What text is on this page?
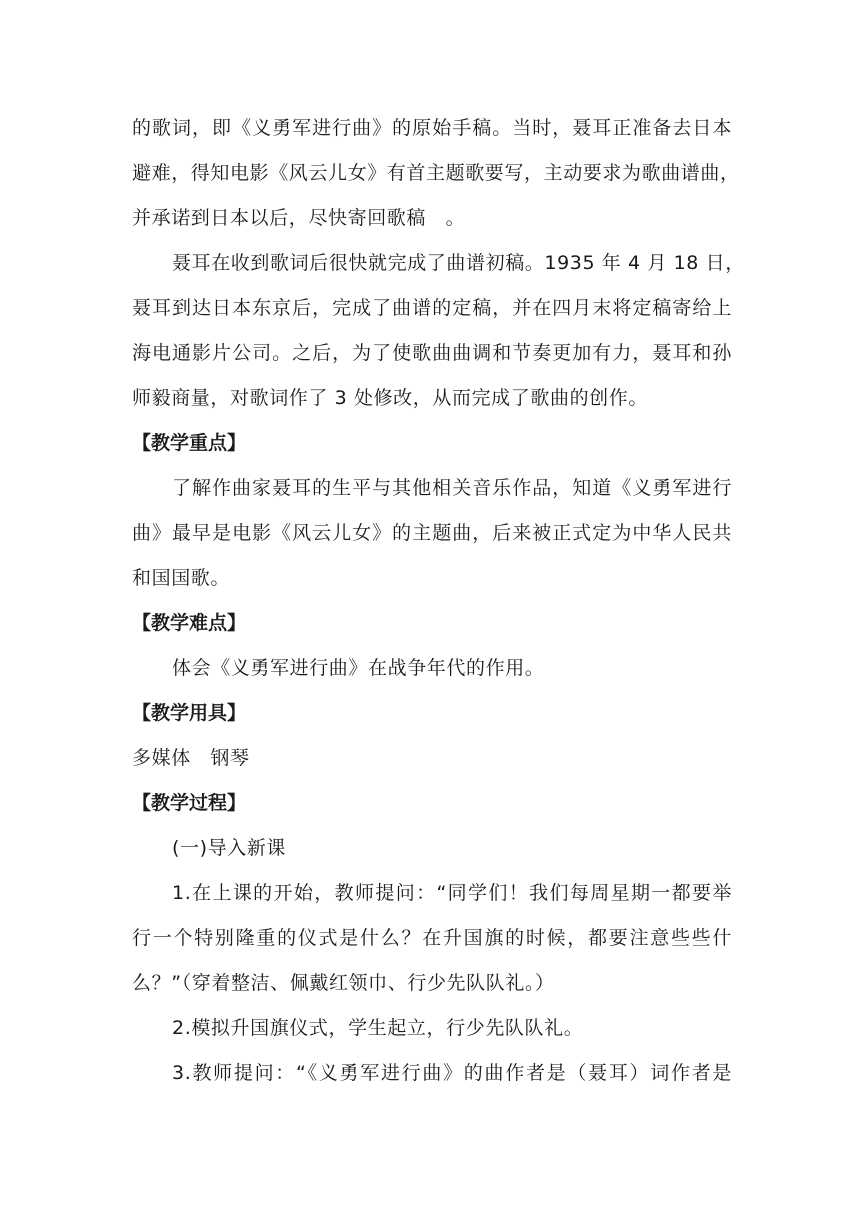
的歌词，即《义勇军进行曲》的原始手稿。当时，聂耳正准备去日本
避难，得知电影《风云儿女》有首主题歌要写，主动要求为歌曲谱曲，
并承诺到日本以后，尽快寄回歌稿　。
聂耳在收到歌词后很快就完成了曲谱初稿。1935 年 4 月 18 日，
聂耳到达日本东京后，完成了曲谱的定稿，并在四月末将定稿寄给上
海电通影片公司。之后，为了使歌曲曲调和节奏更加有力，聂耳和孙
师毅商量，对歌词作了 3 处修改，从而完成了歌曲的创作。
【教学重点】
了解作曲家聂耳的生平与其他相关音乐作品，知道《义勇军进行
曲》最早是电影《风云儿女》的主题曲，后来被正式定为中华人民共
和国国歌。
【教学难点】
体会《义勇军进行曲》在战争年代的作用。
【教学用具】
多媒体　钢琴
【教学过程】
(一)导入新课
1.在上课的开始，教师提问：“同学们！我们每周星期一都要举
行一个特别隆重的仪式是什么？在升国旗的时候，都要注意些些什
么？”（穿着整洁、佩戴红领巾、行少先队队礼。）
2.模拟升国旗仪式，学生起立，行少先队队礼。
3.教师提问：“《义勇军进行曲》的曲作者是（聂耳）词作者是
